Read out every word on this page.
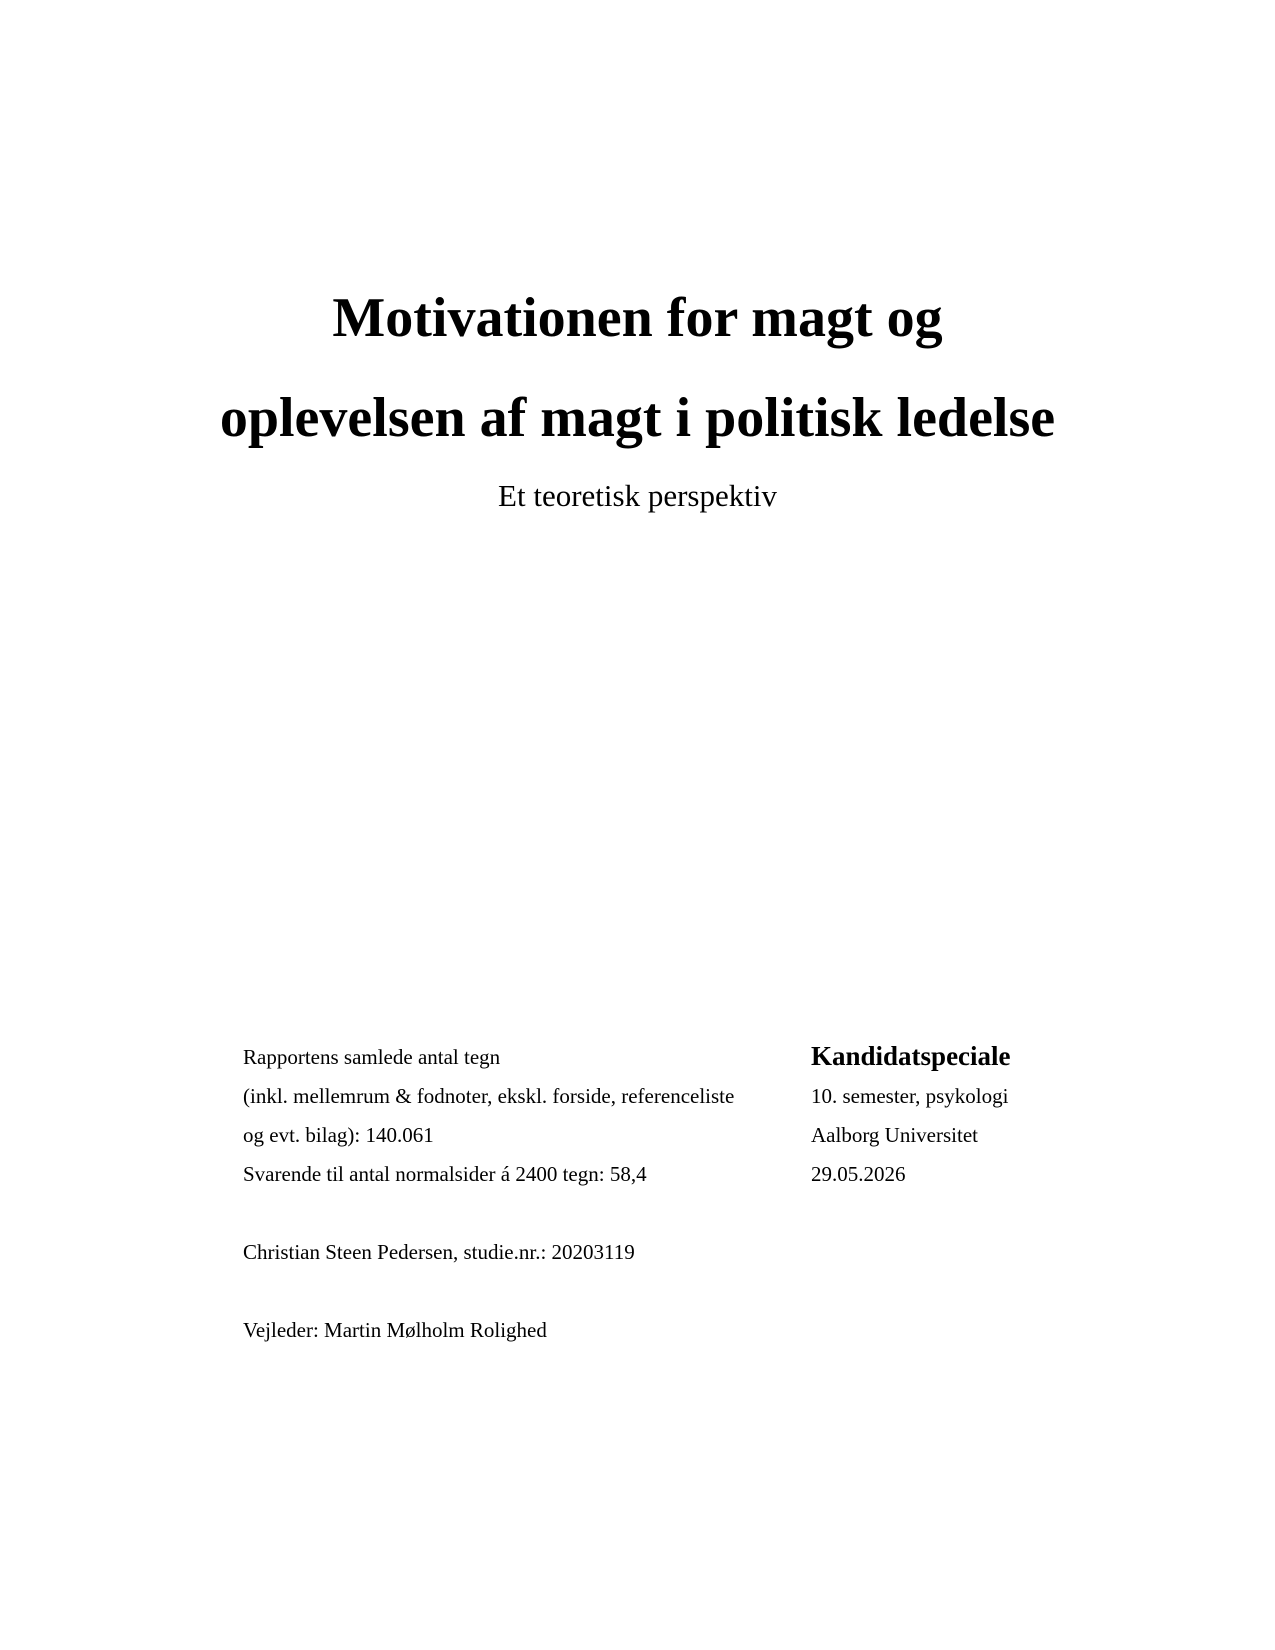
Motivationen for magt og
oplevelsen af magt i politisk ledelse
Et teoretisk perspektiv
Rapportens samlede antal tegn
(inkl. mellemrum & fodnoter, ekskl. forside, referenceliste
og evt. bilag): 140.061
Svarende til antal normalsider á 2400 tegn: 58,4
Christian Steen Pedersen, studie.nr.: 20203119
Vejleder: Martin Mølholm Rolighed
Kandidatspeciale
10. semester, psykologi
Aalborg Universitet
29.05.2026
